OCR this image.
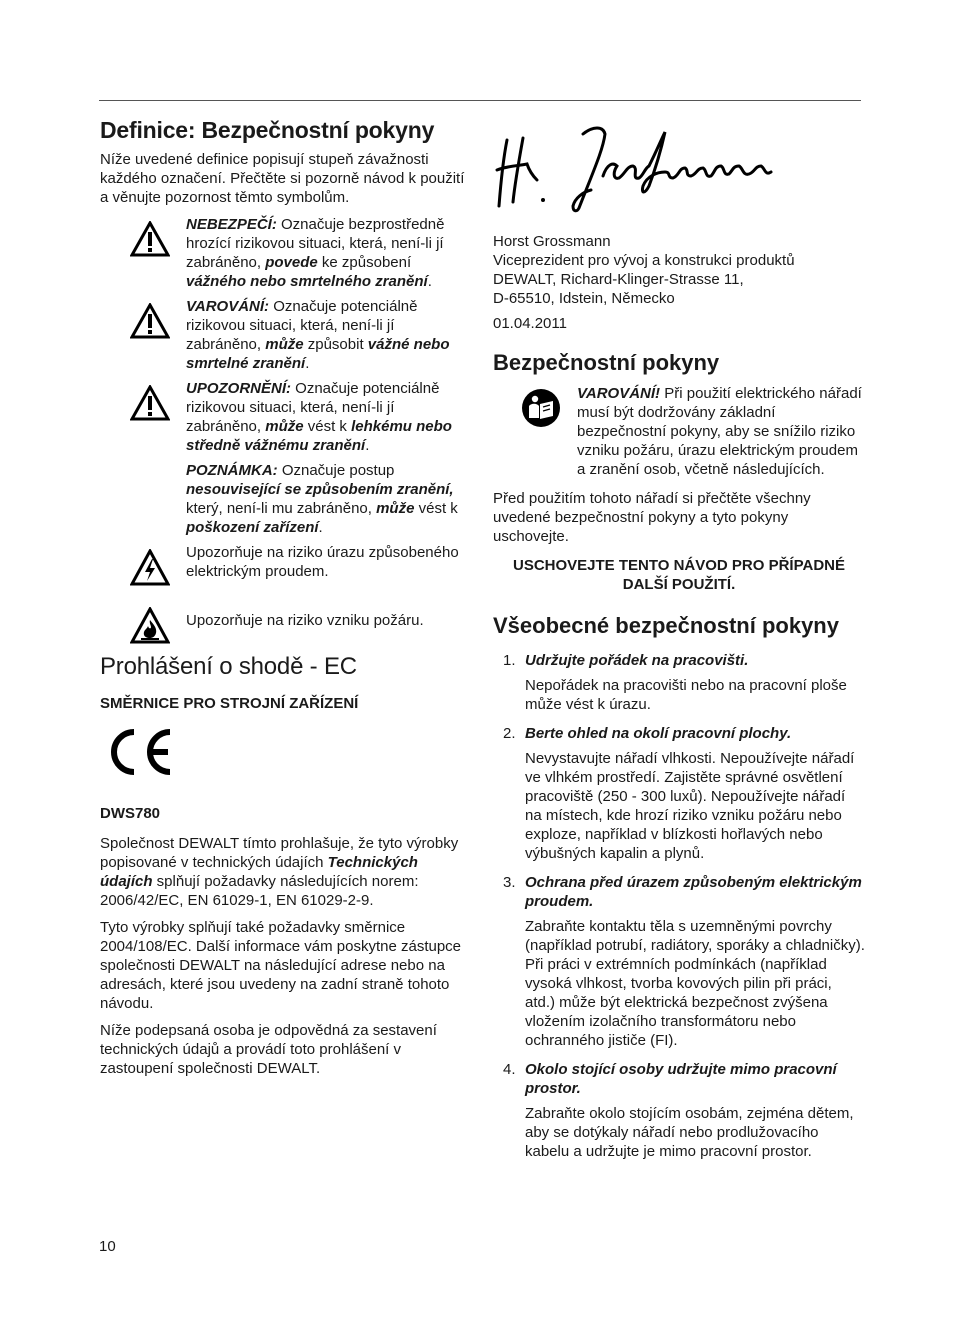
Definice: Bezpečnostní pokyny
Níže uvedené definice popisují stupeň závažnosti každého označení. Přečtěte si pozorně návod k použití a věnujte pozornost těmto symbolům.
NEBEZPEČÍ: Označuje bezprostředně hrozící rizikovou situaci, která, není-li jí zabráněno, povede ke způsobení vážného nebo smrtelného zranění.
VAROVÁNÍ: Označuje potenciálně rizikovou situaci, která, není-li jí zabráněno, může způsobit vážné nebo smrtelné zranění.
UPOZORNĚNÍ: Označuje potenciálně rizikovou situaci, která, není-li jí zabráněno, může vést k lehkému nebo středně vážnému zranění.
POZNÁMKA: Označuje postup nesouvisející se způsobením zranění, který, není-li mu zabráněno, může vést k poškození zařízení.
Upozorňuje na riziko úrazu způsobeného elektrickým proudem.
Upozorňuje na riziko vzniku požáru.
Prohlášení o shodě - EC
SMĚRNICE PRO STROJNÍ ZAŘÍZENÍ
DWS780
Společnost DEWALT tímto prohlašuje, že tyto výrobky popisované v technických údajích Technických údajích splňují požadavky následujících norem: 2006/42/EC, EN 61029-1, EN 61029-2-9.
Tyto výrobky splňují také požadavky směrnice 2004/108/EC. Další informace vám poskytne zástupce společnosti DEWALT na následující adrese nebo na adresách, které jsou uvedeny na zadní straně tohoto návodu.
Níže podepsaná osoba je odpovědná za sestavení technických údajů a provádí toto prohlášení v zastoupení společnosti DEWALT.
Horst Grossmann
Viceprezident pro vývoj a konstrukci produktů
DEWALT, Richard-Klinger-Strasse 11,
D-65510, Idstein, Německo
01.04.2011
Bezpečnostní pokyny
VAROVÁNÍ! Při použití elektrického nářadí musí být dodržovány základní bezpečnostní pokyny, aby se snížilo riziko vzniku požáru, úrazu elektrickým proudem a zranění osob, včetně následujících.
Před použitím tohoto nářadí si přečtěte všechny uvedené bezpečnostní pokyny a tyto pokyny uschovejte.
USCHOVEJTE TENTO NÁVOD PRO PŘÍPADNÉ DALŠÍ POUŽITÍ.
Všeobecné bezpečnostní pokyny
1. Udržujte pořádek na pracovišti.
Nepořádek na pracovišti nebo na pracovní ploše může vést k úrazu.
2. Berte ohled na okolí pracovní plochy.
Nevystavujte nářadí vlhkosti. Nepoužívejte nářadí ve vlhkém prostředí. Zajistěte správné osvětlení pracoviště (250 - 300 luxů). Nepoužívejte nářadí na místech, kde hrozí riziko vzniku požáru nebo exploze, například v blízkosti hořlavých nebo výbušných kapalin a plynů.
3. Ochrana před úrazem způsobeným elektrickým proudem.
Zabraňte kontaktu těla s uzemněnými povrchy (například potrubí, radiátory, sporáky a chladničky). Při práci v extrémních podmínkách (například vysoká vlhkost, tvorba kovových pilin při práci, atd.) může být elektrická bezpečnost zvýšena vložením izolačního transformátoru nebo ochranného jističe (FI).
4. Okolo stojící osoby udržujte mimo pracovní prostor.
Zabraňte okolo stojícím osobám, zejména dětem, aby se dotýkaly nářadí nebo prodlužovacího kabelu a udržujte je mimo pracovní prostor.
10
